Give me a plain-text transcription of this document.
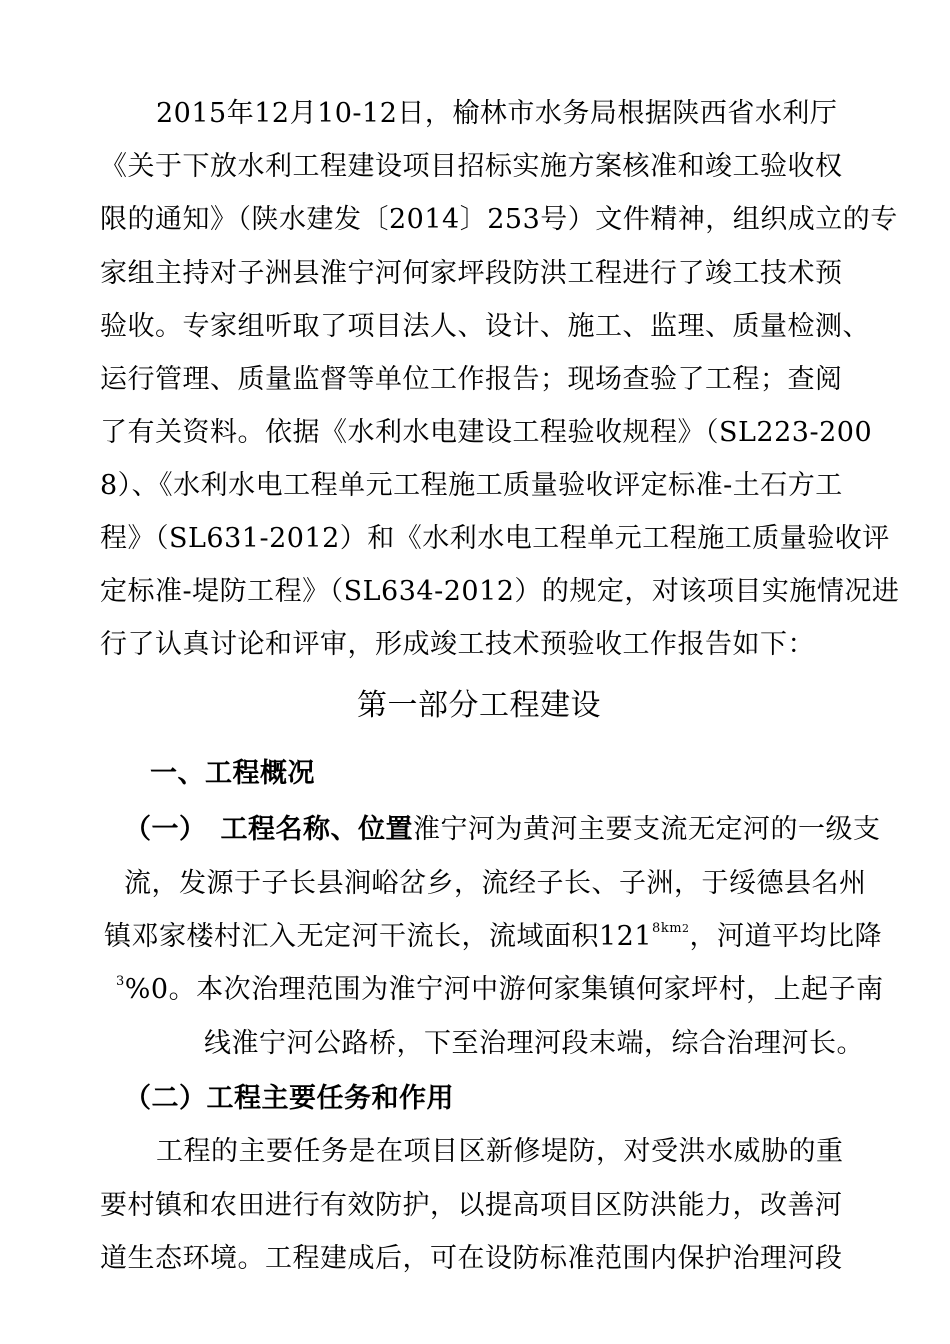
2015年12月10-12日，榆林市水务局根据陕西省水利厅
《关于下放水利工程建设项目招标实施方案核准和竣工验收权
限的通知》（陕水建发〔2014〕253号）文件精神，组织成立的专
家组主持对子洲县淮宁河何家坪段防洪工程进行了竣工技术预
验收。专家组听取了项目法人、设计、施工、监理、质量检测、
运行管理、质量监督等单位工作报告；现场查验了工程；查阅
了有关资料。依据《水利水电建设工程验收规程》（SL223-200
8）、《水利水电工程单元工程施工质量验收评定标准-土石方工
程》（SL631-2012）和《水利水电工程单元工程施工质量验收评
定标准-堤防工程》（SL634-2012）的规定，对该项目实施情况进
行了认真讨论和评审，形成竣工技术预验收工作报告如下：
第一部分工程建设
一、工程概况
（一） 工程名称、位置淮宁河为黄河主要支流无定河的一级支
流，发源于子长县涧峪岔乡，流经子长、子洲，于绥德县名州
镇邓家楼村汇入无定河干流长，流域面积$121^{8km2}$，河道平均比降
$^3$%0。本次治理范围为淮宁河中游何家集镇何家坪村，上起子南
线淮宁河公路桥，下至治理河段末端，综合治理河长。
（二）工程主要任务和作用
工程的主要任务是在项目区新修堤防，对受洪水威胁的重
要村镇和农田进行有效防护，以提高项目区防洪能力，改善河
道生态环境。工程建成后，可在设防标准范围内保护治理河段
